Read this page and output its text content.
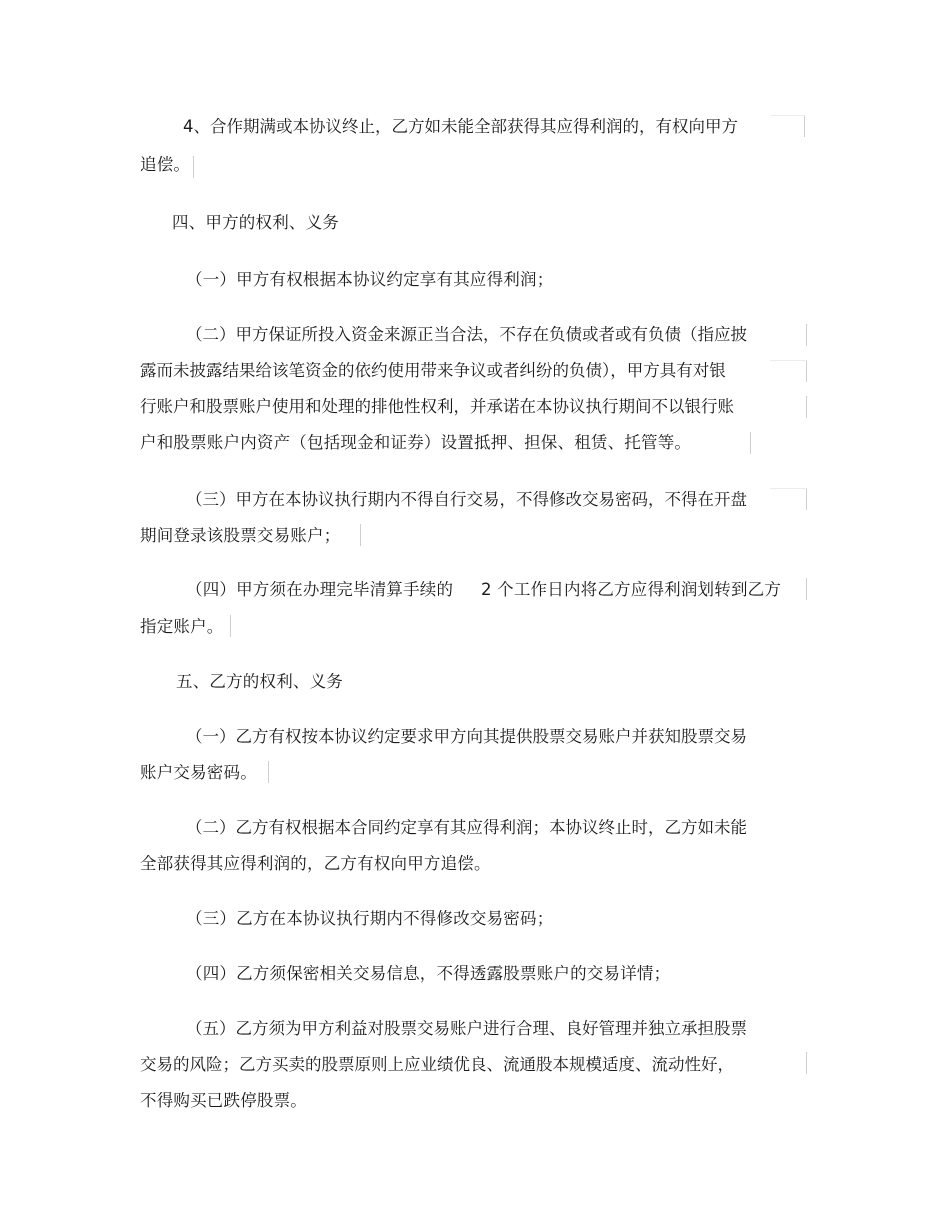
4、合作期满或本协议终止，乙方如未能全部获得其应得利润的，有权向甲方
追偿。
四、甲方的权利、义务
（一）甲方有权根据本协议约定享有其应得利润；
（二）甲方保证所投入资金来源正当合法，不存在负债或者或有负债（指应披
露而未披露结果给该笔资金的依约使用带来争议或者纠纷的负债），甲方具有对银
行账户和股票账户使用和处理的排他性权利，并承诺在本协议执行期间不以银行账
户和股票账户内资产（包括现金和证券）设置抵押、担保、租赁、托管等。
（三）甲方在本协议执行期内不得自行交易，不得修改交易密码，不得在开盘
期间登录该股票交易账户；
（四）甲方须在办理完毕清算手续的 2 个工作日内将乙方应得利润划转到乙方
指定账户。
五、乙方的权利、义务
（一）乙方有权按本协议约定要求甲方向其提供股票交易账户并获知股票交易
账户交易密码。
（二）乙方有权根据本合同约定享有其应得利润；本协议终止时，乙方如未能
全部获得其应得利润的，乙方有权向甲方追偿。
（三）乙方在本协议执行期内不得修改交易密码；
（四）乙方须保密相关交易信息，不得透露股票账户的交易详情；
（五）乙方须为甲方利益对股票交易账户进行合理、良好管理并独立承担股票
交易的风险；乙方买卖的股票原则上应业绩优良、流通股本规模适度、流动性好，
不得购买已跌停股票。
